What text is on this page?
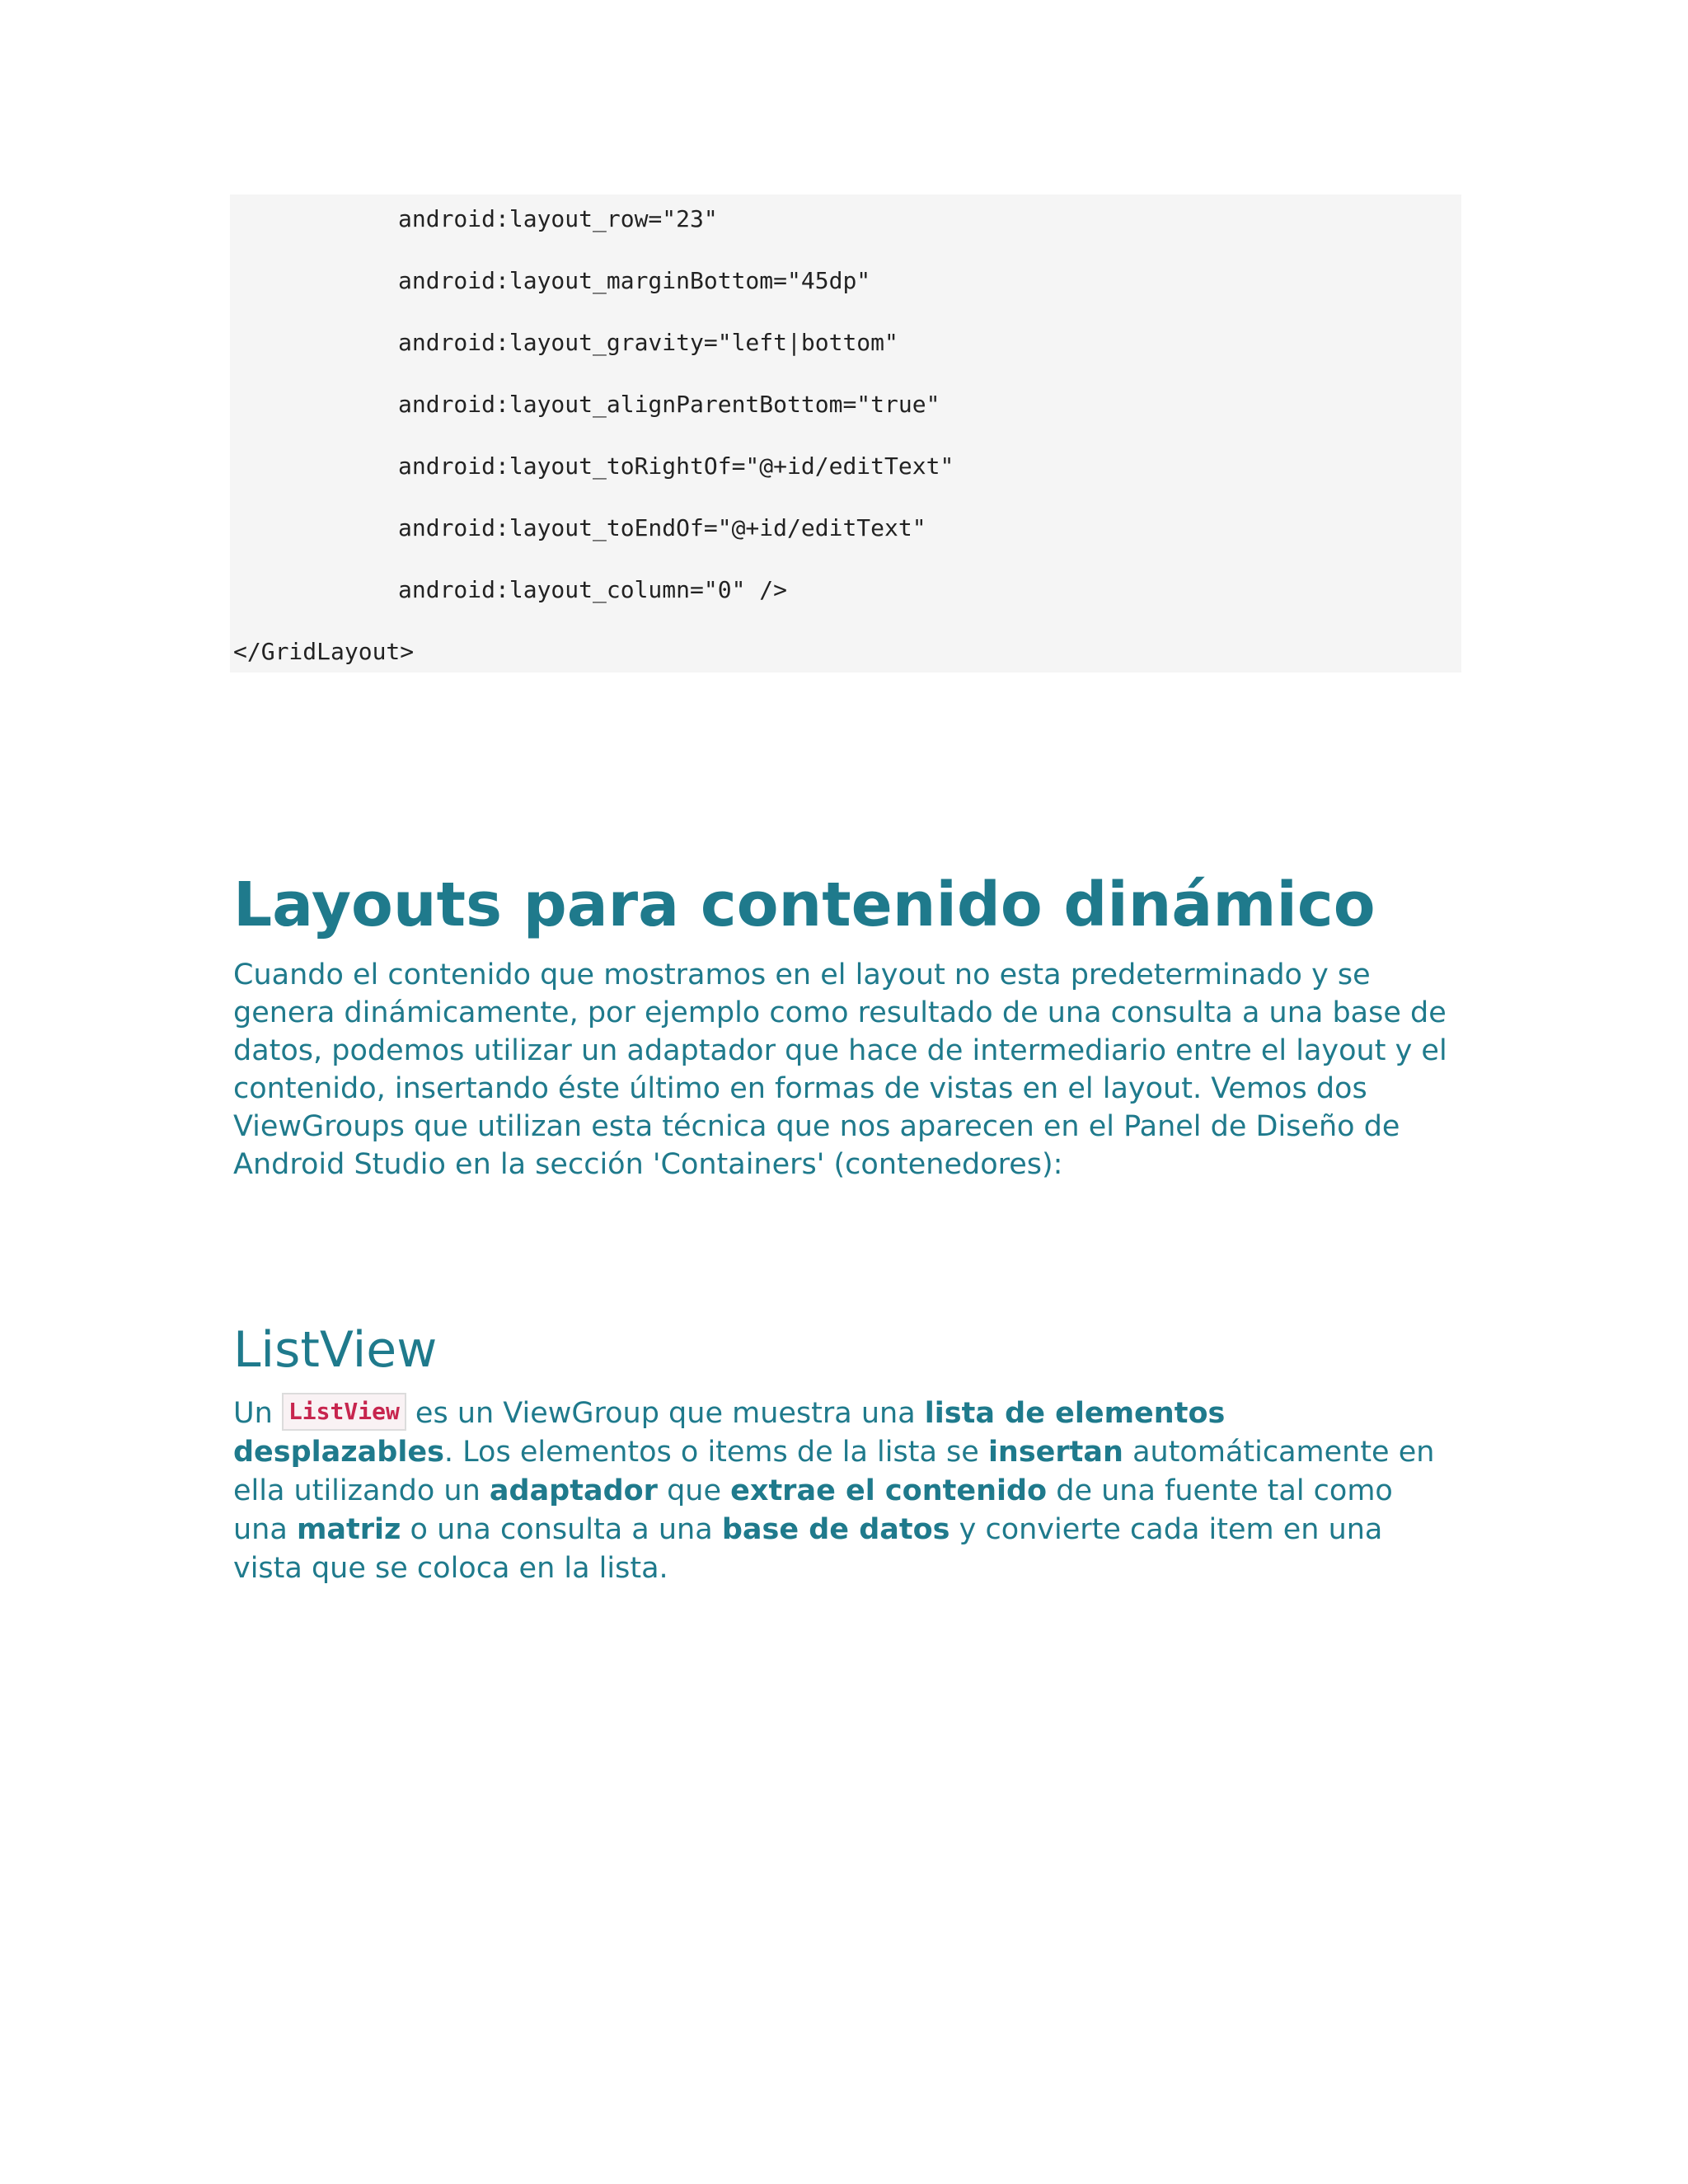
android:layout_row="23"
android:layout_marginBottom="45dp"
android:layout_gravity="left|bottom"
android:layout_alignParentBottom="true"
android:layout_toRightOf="@+id/editText"
android:layout_toEndOf="@+id/editText"
android:layout_column="0" />
</GridLayout>
Layouts para contenido dinámico

Cuando el contenido que mostramos en el layout no esta predeterminado y se genera dinámicamente, por ejemplo como resultado de una consulta a una base de datos, podemos utilizar un adaptador que hace de intermediario entre el layout y el contenido, insertando éste último en formas de vistas en el layout. Vemos dos ViewGroups que utilizan esta técnica que nos aparecen en el Panel de Diseño de Android Studio en la sección 'Containers' (contenedores):

ListView

Un ListView es un ViewGroup que muestra una lista de elementos desplazables. Los elementos o items de la lista se insertan automáticamente en ella utilizando un adaptador que extrae el contenido de una fuente tal como una matriz o una consulta a una base de datos y convierte cada item en una vista que se coloca en la lista.
